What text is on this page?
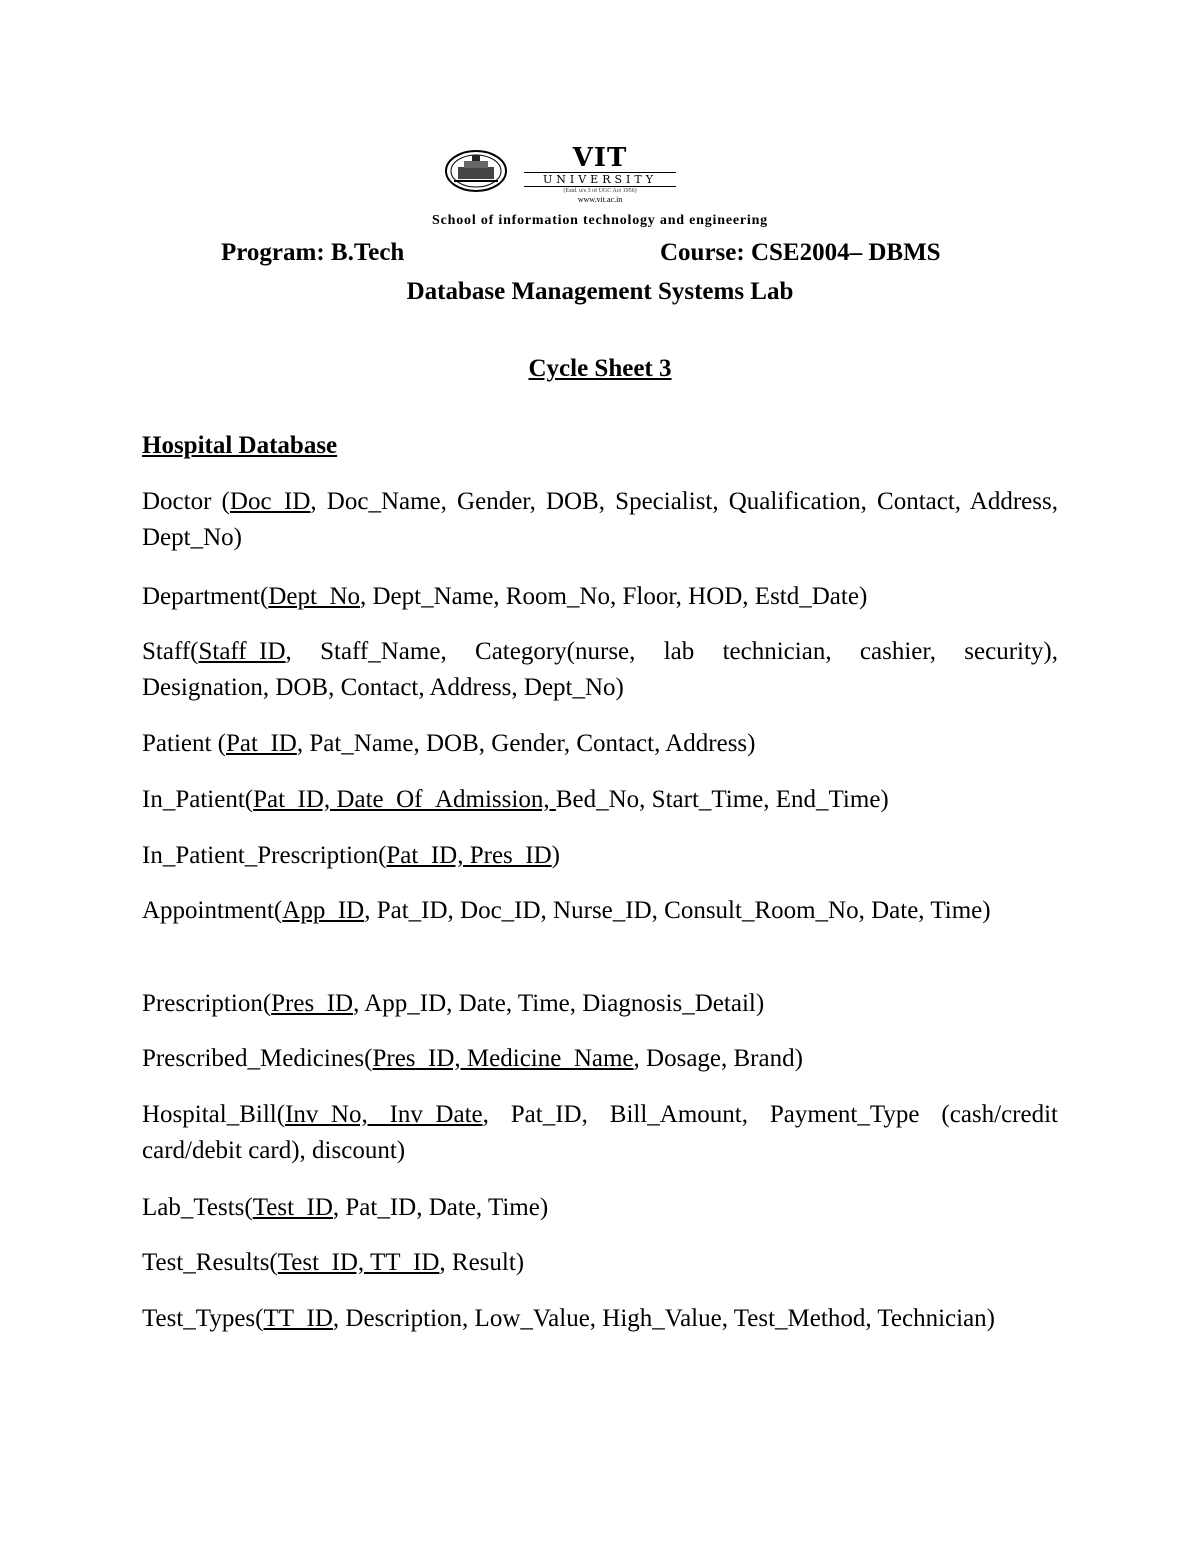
VIT
UNIVERSITY
(Estd. u/s 3 of UGC Act 1956)
www.vit.ac.in
School of information technology and engineering
Program: B.Tech	Course: CSE2004– DBMS
Database Management Systems Lab
Cycle Sheet 3
Hospital Database
Doctor (Doc_ID, Doc_Name, Gender, DOB, Specialist, Qualification, Contact, Address, Dept_No)
Department(Dept_No, Dept_Name, Room_No, Floor, HOD, Estd_Date)
Staff(Staff_ID, Staff_Name, Category(nurse, lab technician, cashier, security), Designation, DOB, Contact, Address, Dept_No)
Patient (Pat_ID, Pat_Name, DOB, Gender, Contact, Address)
In_Patient(Pat_ID, Date_Of_Admission, Bed_No, Start_Time, End_Time)
In_Patient_Prescription(Pat_ID, Pres_ID)
Appointment(App_ID, Pat_ID, Doc_ID, Nurse_ID, Consult_Room_No, Date, Time)
Prescription(Pres_ID, App_ID, Date, Time, Diagnosis_Detail)
Prescribed_Medicines(Pres_ID, Medicine_Name, Dosage, Brand)
Hospital_Bill(Inv_No, Inv_Date, Pat_ID, Bill_Amount, Payment_Type (cash/credit card/debit card), discount)
Lab_Tests(Test_ID, Pat_ID, Date, Time)
Test_Results(Test_ID, TT_ID, Result)
Test_Types(TT_ID, Description, Low_Value, High_Value, Test_Method, Technician)
